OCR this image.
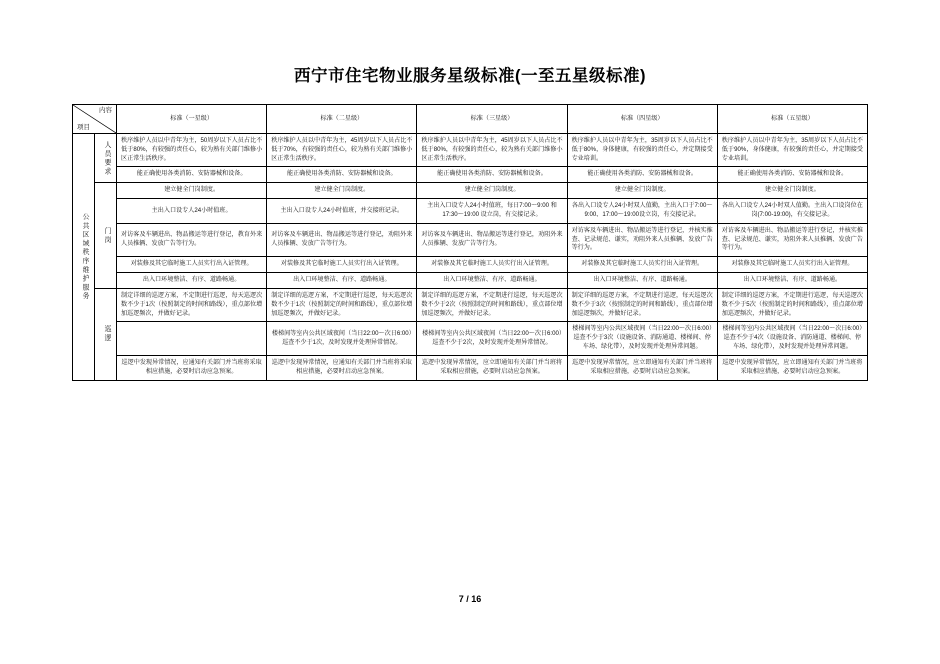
西宁市住宅物业服务星级标准(一至五星级标准)
内容
项目		标准（一星级）	标准（二星级）	标准（三星级）	标准（四星级）	标准（五星级）

公共区域秩序维护服务	人员要求	秩序维护人员以中青年为主，50周岁以下人员占比不低于80%，有较强的责任心，较为熟有关部门维修小区正常生活秩序。	秩序维护人员以中青年为主，45周岁以下人员占比不低于70%，有较强的责任心，较为熟有关部门维修小区正常生活秩序。	秩序维护人员以中青年为主，45周岁以下人员占比不低于80%，有较强的责任心，较为熟有关部门维修小区正常生活秩序。	秩序维护人员以中青年为主，35周岁以下人员占比不低于80%，身体健康，有较强的责任心，并定期接受专业培训。	秩序维护人员以中青年为主，35周岁以下人员占比不低于90%，身体健康，有较强的责任心，并定期接受专业培训。
		能正确使用各类消防、安防器械和设备。	能正确使用各类消防、安防器械和设备。	能正确使用各类消防、安防器械和设备。	能正确使用各类消防、安防器械和设备。	能正确使用各类消防、安防器械和设备。

	门岗	建立健全门岗制度。	建立健全门岗制度。	建立健全门岗制度。	建立健全门岗制度。	建立健全门岗制度。
		主出入口设专人24小时值班。	主出入口设专人24小时值班，并交接班记录。	主出入口设专人24小时值班，每日7:00～9:00 和 17:30～19:00 设立岗，有交接记录。	各出入口设专人24小时双人值勤，主出入口于7:00～9:00、17:00～19:00设立岗，有交接记录。	各出入口设专人24小时双人值勤。主出入口设岗位在岗(7:00-19:00)，有交接记录。
		对访客及车辆进出、物品搬运等进行登记，教育外来人员推辆、发放广告等行为。	对访客及车辆进出、物品搬运等进行登记，劝阻外来人员推辆、发放广告等行为。	对访客及车辆进出、物品搬运等进行登记，劝阻外来人员推辆、发放广告等行为。	对访客及车辆进出、物品搬运等进行登记，并核实推查、记录规范、谦实，劝阻外来人员推辆、发放广告等行为。	对访客及车辆进出、物品搬运等进行登记，并核实推查、记录规范、谦实，劝阻外来人员推辆、发放广告等行为。
		对装修及其它临时施工人员实行出入证管理。	对装修及其它临时施工人员实行出入证管理。	对装修及其它临时施工人员实行出入证管理。	对装修及其它临时施工人员实行出入证管理。	对装修及其它临时施工人员实行出入证管理。
		出入口环境整洁、有序、道路畅通。	出入口环境整洁、有序、道路畅通。	出入口环境整洁、有序、道路畅通。	出入口环境整洁、有序、道路畅通。	出入口环境整洁、有序、道路畅通。

	巡逻	制定详细的巡逻方案，不定期进行巡逻，每天巡逻次数不少于1次（按照制定的时间和路线），重点部位增加巡逻频次，并做好记录。	制定详细的巡逻方案，不定期进行巡逻，每天巡逻次数不少于1次（按照制定的时间和路线），重点部位增加巡逻频次，并做好记录。	制定详细的巡逻方案，不定期进行巡逻，每天巡逻次数不少于2次（按照制定的时间和路线），重点部位增加巡逻频次，并做好记录。	制定详细的巡逻方案，不定期进行巡逻，每天巡逻次数不少于3次（按照制定的时间和路线），重点部位增加巡逻频次，并做好记录。	制定详细的巡逻方案，不定期进行巡逻，每天巡逻次数不少于5次（按照制定的时间和路线），重点部位增加巡逻频次，并做好记录。
			楼梯间等室内公共区域夜间（当日22:00～次日6:00）巡查不少于1次，及时发现并处理异常情况。	楼梯间等室内公共区域夜间（当日22:00～次日6:00）巡查不少于2次，及时发现并处理异常情况。	楼梯间等室内公共区域夜间（当日22:00～次日6:00）巡查不少于3次（设施设备、消防通道、楼梯间、停车场、绿化带），及时发现并处理异常问题。	楼梯间等室内公共区域夜间（当日22:00～次日6:00）巡查不少于4次（设施设备、消防通道、楼梯间、停车场、绿化带），及时发现并处理异常问题。
		巡逻中发现异常情况，应通知有关部门并当班将采取相应措施，必要时启动应急预案。	巡逻中发现异常情况，应通知有关部门并当班将采取相应措施，必要时启动应急预案。	巡逻中发现异常情况，应立即通知有关部门并当班将采取相应措施，必要时启动应急预案。	巡逻中发现异常情况，应立即通知有关部门并当班将采取相应措施，必要时启动应急预案。	巡逻中发现异常情况，应立即通知有关部门并当班将采取相应措施，必要时启动应急预案。
7 / 16
